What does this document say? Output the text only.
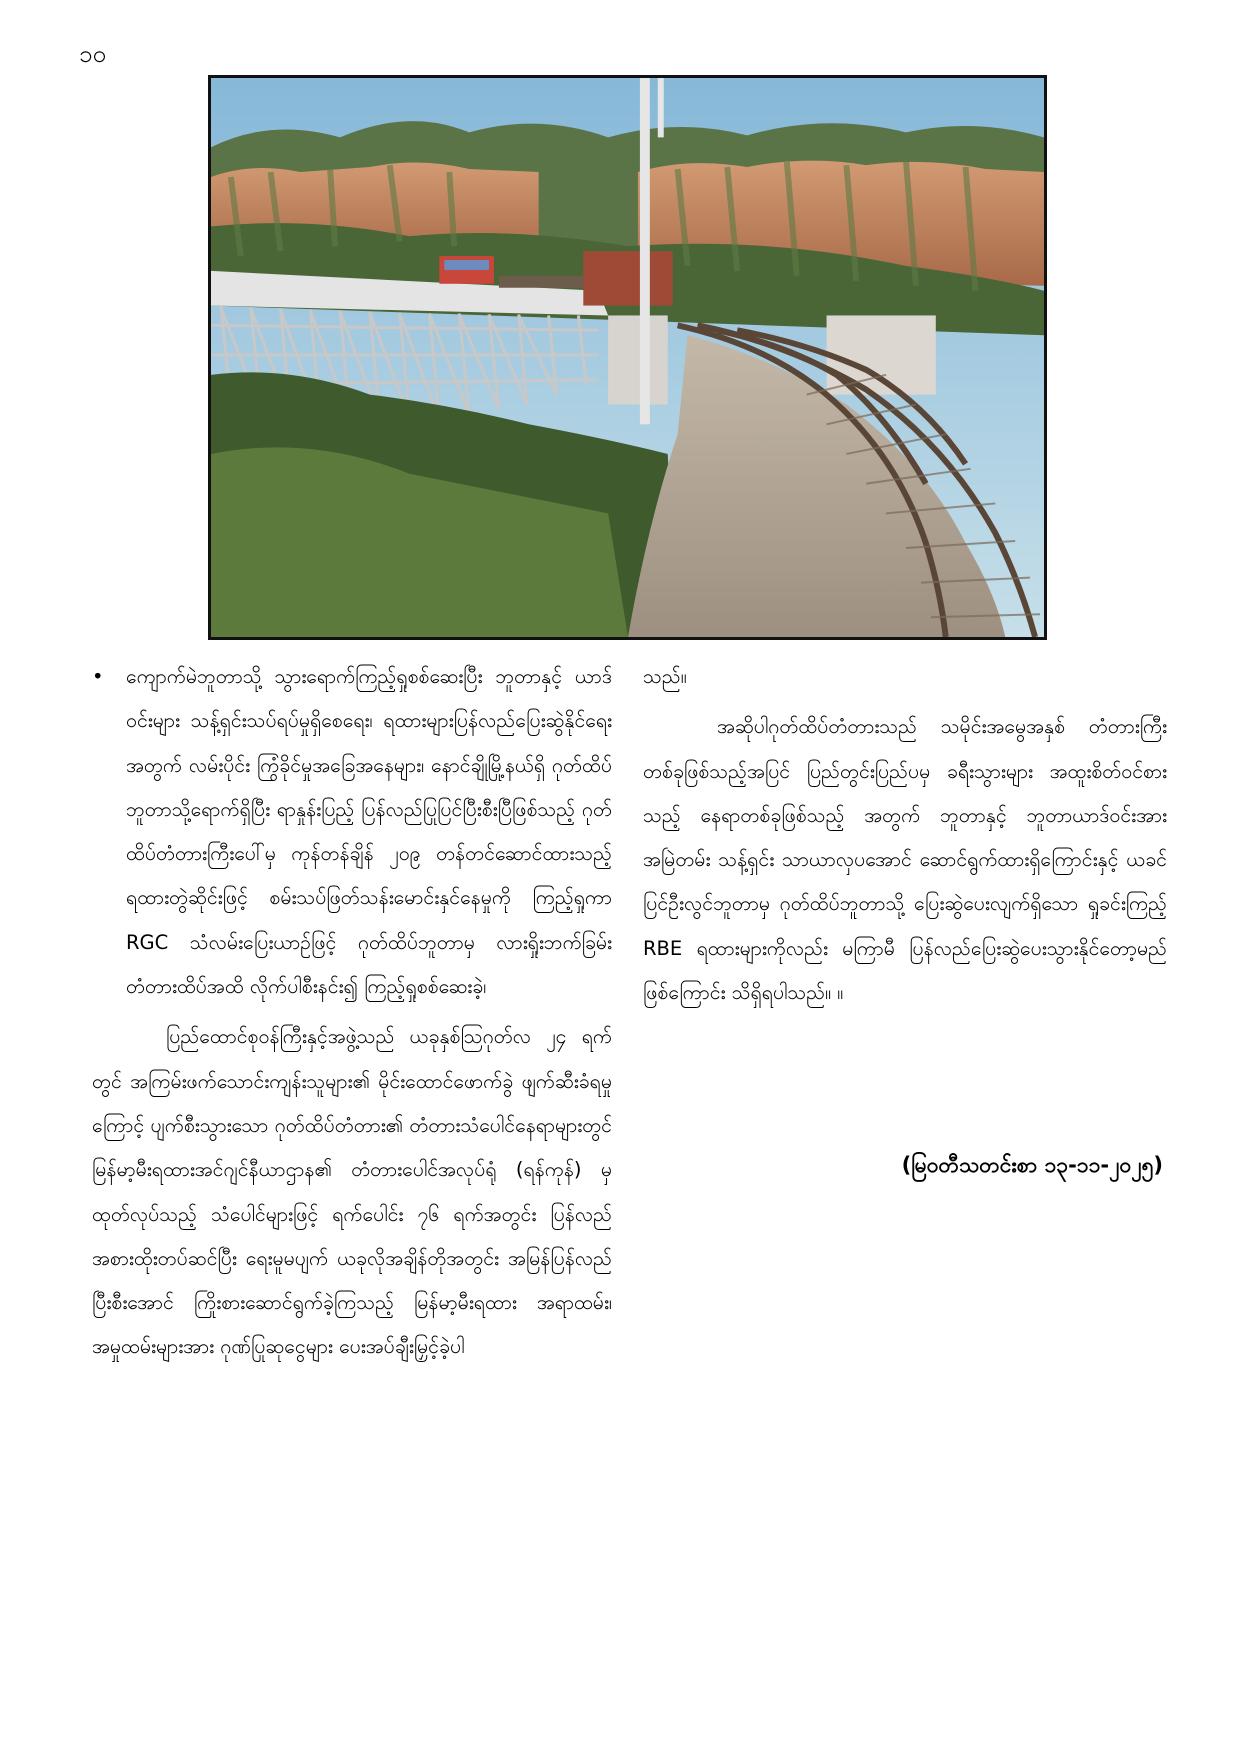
၁၀

• ကျောက်မဲဘူတာသို့ သွားရောက်ကြည့်ရှုစစ်ဆေးပြီး ဘူတာနှင့် ယာဒ်ဝင်းများ သန့်ရှင်းသပ်ရပ်မှုရှိစေရေး၊ ရထားများပြန်လည်ပြေးဆွဲနိုင်ရေးအတွက် လမ်းပိုင်း ကြွံခိုင်မှုအခြေအနေများ၊ နောင်ချိုမြို့နယ်ရှိ ဂုတ်ထိပ်ဘူတာသို့ရောက်ရှိပြီး ရာနှုန်းပြည့် ပြန်လည်ပြုပြင်ပြီးစီးပြီဖြစ်သည့် ဂုတ်ထိပ်တံတားကြီးပေါ်မှ ကုန်တန်ချိန် ၂၀၉ တန်တင်ဆောင်ထားသည့် ရထားတွဲဆိုင်းဖြင့် စမ်းသပ်ဖြတ်သန်းမောင်းနှင်နေမှုကို ကြည့်ရှုကာ RGC သံလမ်းပြေးယာဉ်ဖြင့် ဂုတ်ထိပ်ဘူတာမှ လားရှိုးဘက်ခြမ်းတံတားထိပ်အထိ လိုက်ပါစီးနင်း၍ ကြည့်ရှုစစ်ဆေးခဲ့၊

ပြည်ထောင်စုဝန်ကြီးနှင့်အဖွဲ့သည် ယခုနှစ်ဩဂုတ်လ ၂၄ ရက်တွင် အကြမ်းဖက်သောင်းကျန်းသူများ၏ မိုင်းထောင်ဖောက်ခွဲ ဖျက်ဆီးခံရမှုကြောင့် ပျက်စီးသွားသော ဂုတ်ထိပ်တံတား၏ တံတားသံပေါင်နေရာများတွင် မြန်မာ့မီးရထားအင်ဂျင်နီယာဌာန၏ တံတားပေါင်အလုပ်ရုံ (ရန်ကုန်) မှ ထုတ်လုပ်သည့် သံပေါင်များဖြင့် ရက်ပေါင်း ၇၆ ရက်အတွင်း ပြန်လည်အစားထိုးတပ်ဆင်ပြီး ရေးမူမပျက် ယခုလိုအချိန်တိုအတွင်း အမြန်ပြန်လည်ပြီးစီးအောင် ကြိုးစားဆောင်ရွက်ခဲ့ကြသည့် မြန်မာ့မီးရထား အရာထမ်း၊ အမှုထမ်းများအား ဂုဏ်ပြုဆုငွေများ ပေးအပ်ချီးမြှင့်ခဲ့ပါ

သည်။

အဆိုပါဂုတ်ထိပ်တံတားသည် သမိုင်းအမွေအနှစ် တံတားကြီး တစ်ခုဖြစ်သည့်အပြင် ပြည်တွင်းပြည်ပမှ ခရီးသွားများ အထူးစိတ်ဝင်စားသည့် နေရာတစ်ခုဖြစ်သည့် အတွက် ဘူတာနှင့် ဘူတာယာဒ်ဝင်းအား အမြဲတမ်း သန့်ရှင်း သာယာလှပအောင် ဆောင်ရွက်ထားရှိကြောင်းနှင့် ယခင် ပြင်ဦးလွင်ဘူတာမှ ဂုတ်ထိပ်ဘူတာသို့ ပြေးဆွဲပေးလျက်ရှိသော ရှုခင်းကြည့် RBE ရထားများကိုလည်း မကြာမီ ပြန်လည်ပြေးဆွဲပေးသွားနိုင်တော့မည်ဖြစ်ကြောင်း သိရှိရပါသည်။ ။

(မြဝတီသတင်းစာ ၁၃-၁၁-၂၀၂၅)
